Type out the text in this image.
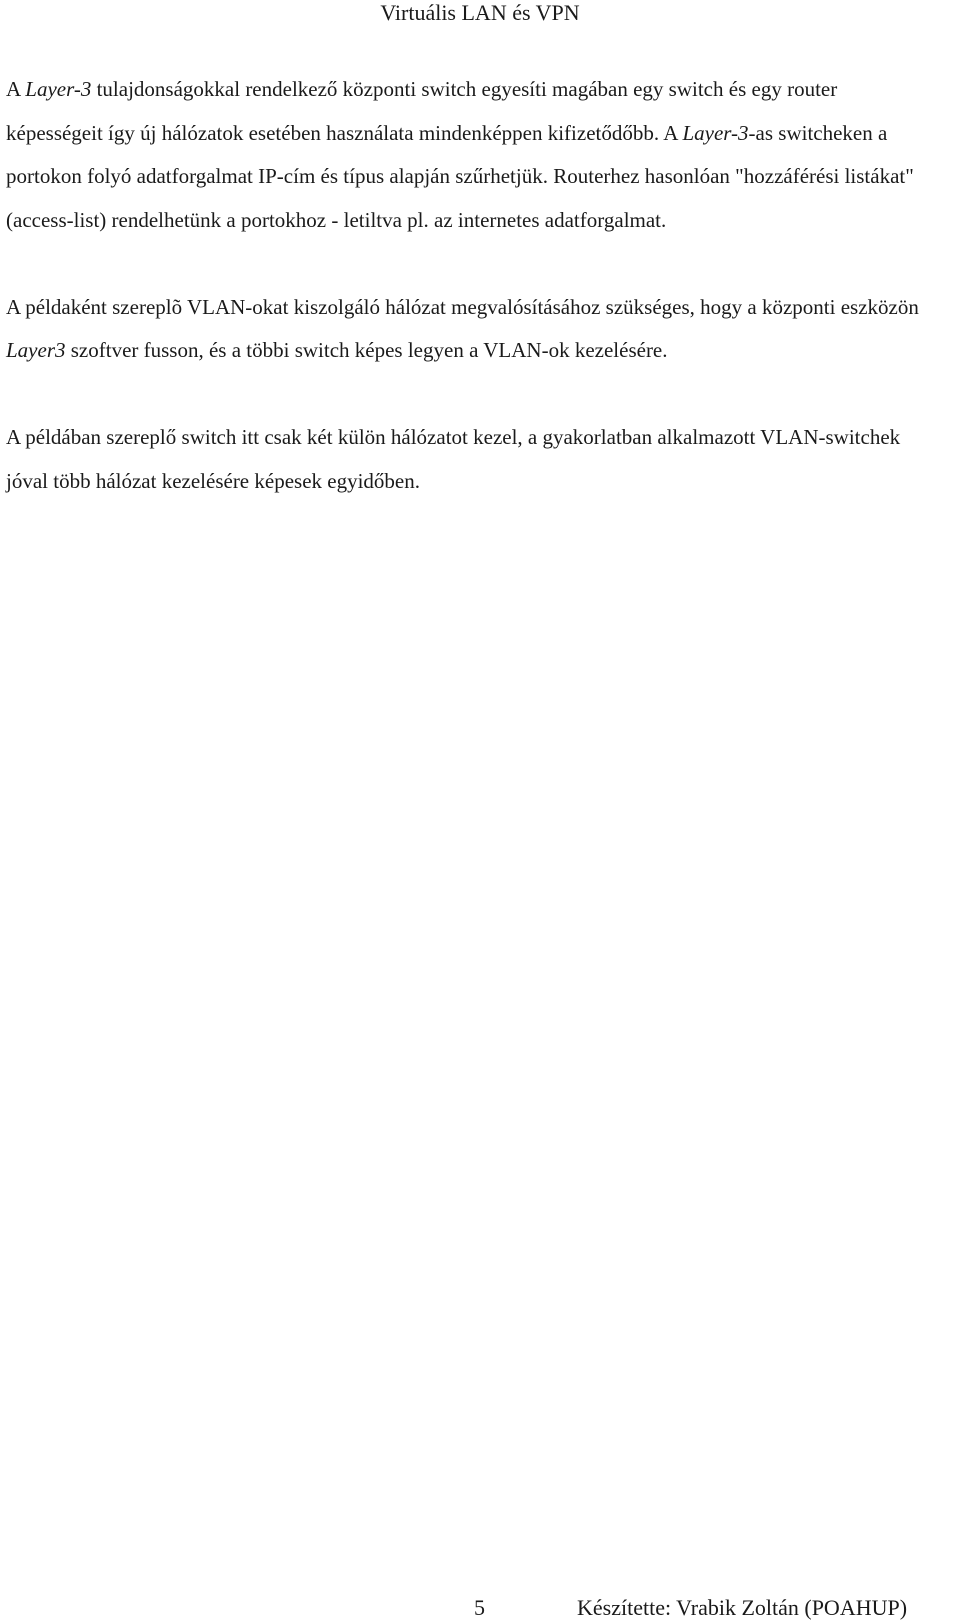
Virtuális LAN és VPN

A Layer-3 tulajdonságokkal rendelkező központi switch egyesíti magában egy switch és egy router képességeit így új hálózatok esetében használata mindenképpen kifizetődőbb. A Layer-3-as switcheken a portokon folyó adatforgalmat IP-cím és típus alapján szűrhetjük. Routerhez hasonlóan "hozzáférési listákat" (access-list) rendelhetünk a portokhoz - letiltva pl. az internetes adatforgalmat.

A példaként szereplõ VLAN-okat kiszolgáló hálózat megvalósításához szükséges, hogy a központi eszközön Layer3 szoftver fusson, és a többi switch képes legyen a VLAN-ok kezelésére.

A példában szereplő switch itt csak két külön hálózatot kezel, a gyakorlatban alkalmazott VLAN-switchek jóval több hálózat kezelésére képesek egyidőben.

5	Készítette: Vrabik Zoltán (POAHUP)
